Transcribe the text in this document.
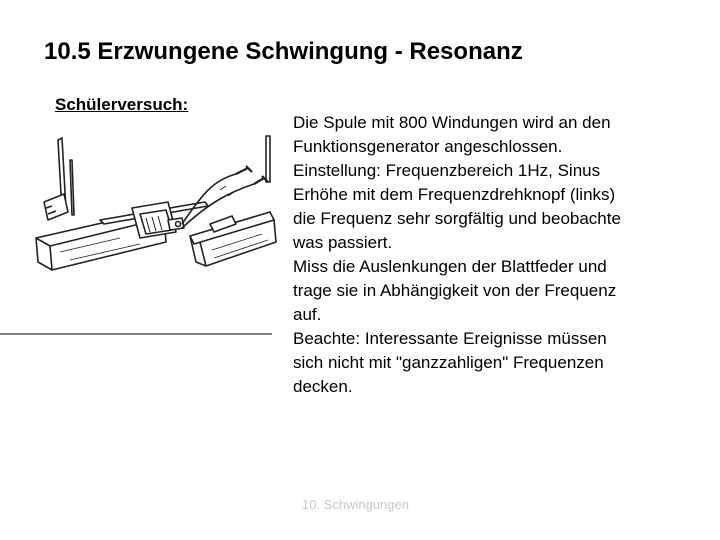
10.5 Erzwungene Schwingung - Resonanz
Schülerversuch:
Die Spule mit 800 Windungen wird an den
Funktionsgenerator angeschlossen.
Einstellung: Frequenzbereich 1Hz, Sinus
Erhöhe mit dem Frequenzdrehknopf (links)
die Frequenz sehr sorgfältig und beobachte
was passiert.
Miss die Auslenkungen der Blattfeder und
trage sie in Abhängigkeit von der Frequenz
auf.
Beachte: Interessante Ereignisse müssen
sich nicht mit "ganzzahligen" Frequenzen
decken.
10. Schwingungen
